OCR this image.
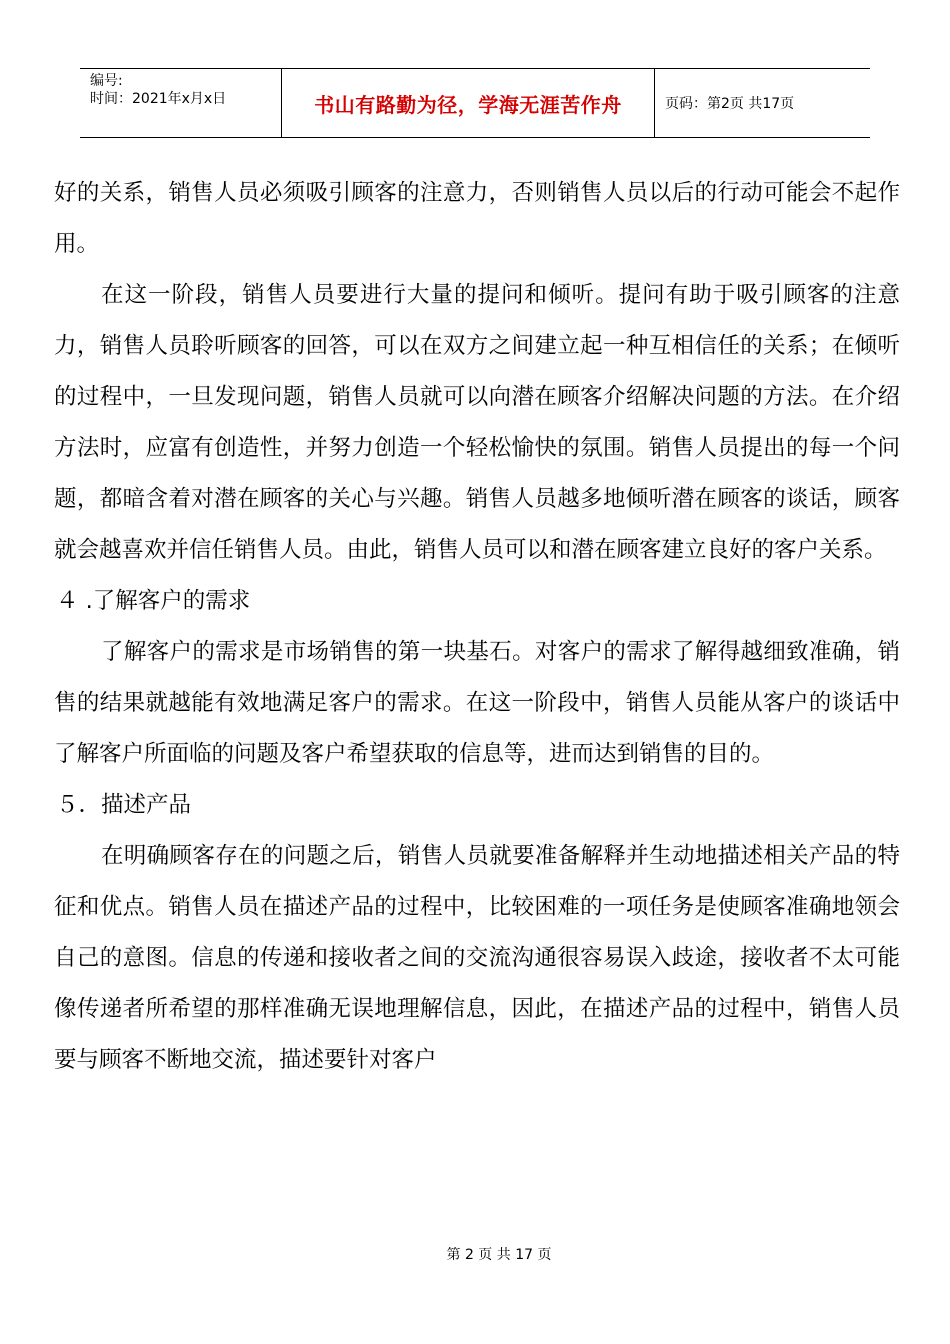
编号:
时间：2021年x月x日	书山有路勤为径，学海无涯苦作舟	页码：第2页 共17页

好的关系，销售人员必须吸引顾客的注意力，否则销售人员以后的行动可能会不起作用。

在这一阶段，销售人员要进行大量的提问和倾听。提问有助于吸引顾客的注意力，销售人员聆听顾客的回答，可以在双方之间建立起一种互相信任的关系；在倾听的过程中，一旦发现问题，销售人员就可以向潜在顾客介绍解决问题的方法。在介绍方法时，应富有创造性，并努力创造一个轻松愉快的氛围。销售人员提出的每一个问题，都暗含着对潜在顾客的关心与兴趣。销售人员越多地倾听潜在顾客的谈话，顾客就会越喜欢并信任销售人员。由此，销售人员可以和潜在顾客建立良好的客户关系。

４ .了解客户的需求

了解客户的需求是市场销售的第一块基石。对客户的需求了解得越细致准确，销售的结果就越能有效地满足客户的需求。在这一阶段中，销售人员能从客户的谈话中了解客户所面临的问题及客户希望获取的信息等，进而达到销售的目的。

５．描述产品

在明确顾客存在的问题之后，销售人员就要准备解释并生动地描述相关产品的特征和优点。销售人员在描述产品的过程中，比较困难的一项任务是使顾客准确地领会自己的意图。信息的传递和接收者之间的交流沟通很容易误入歧途，接收者不太可能像传递者所希望的那样准确无误地理解信息，因此，在描述产品的过程中，销售人员要与顾客不断地交流，描述要针对客户

第 2 页 共 17 页
